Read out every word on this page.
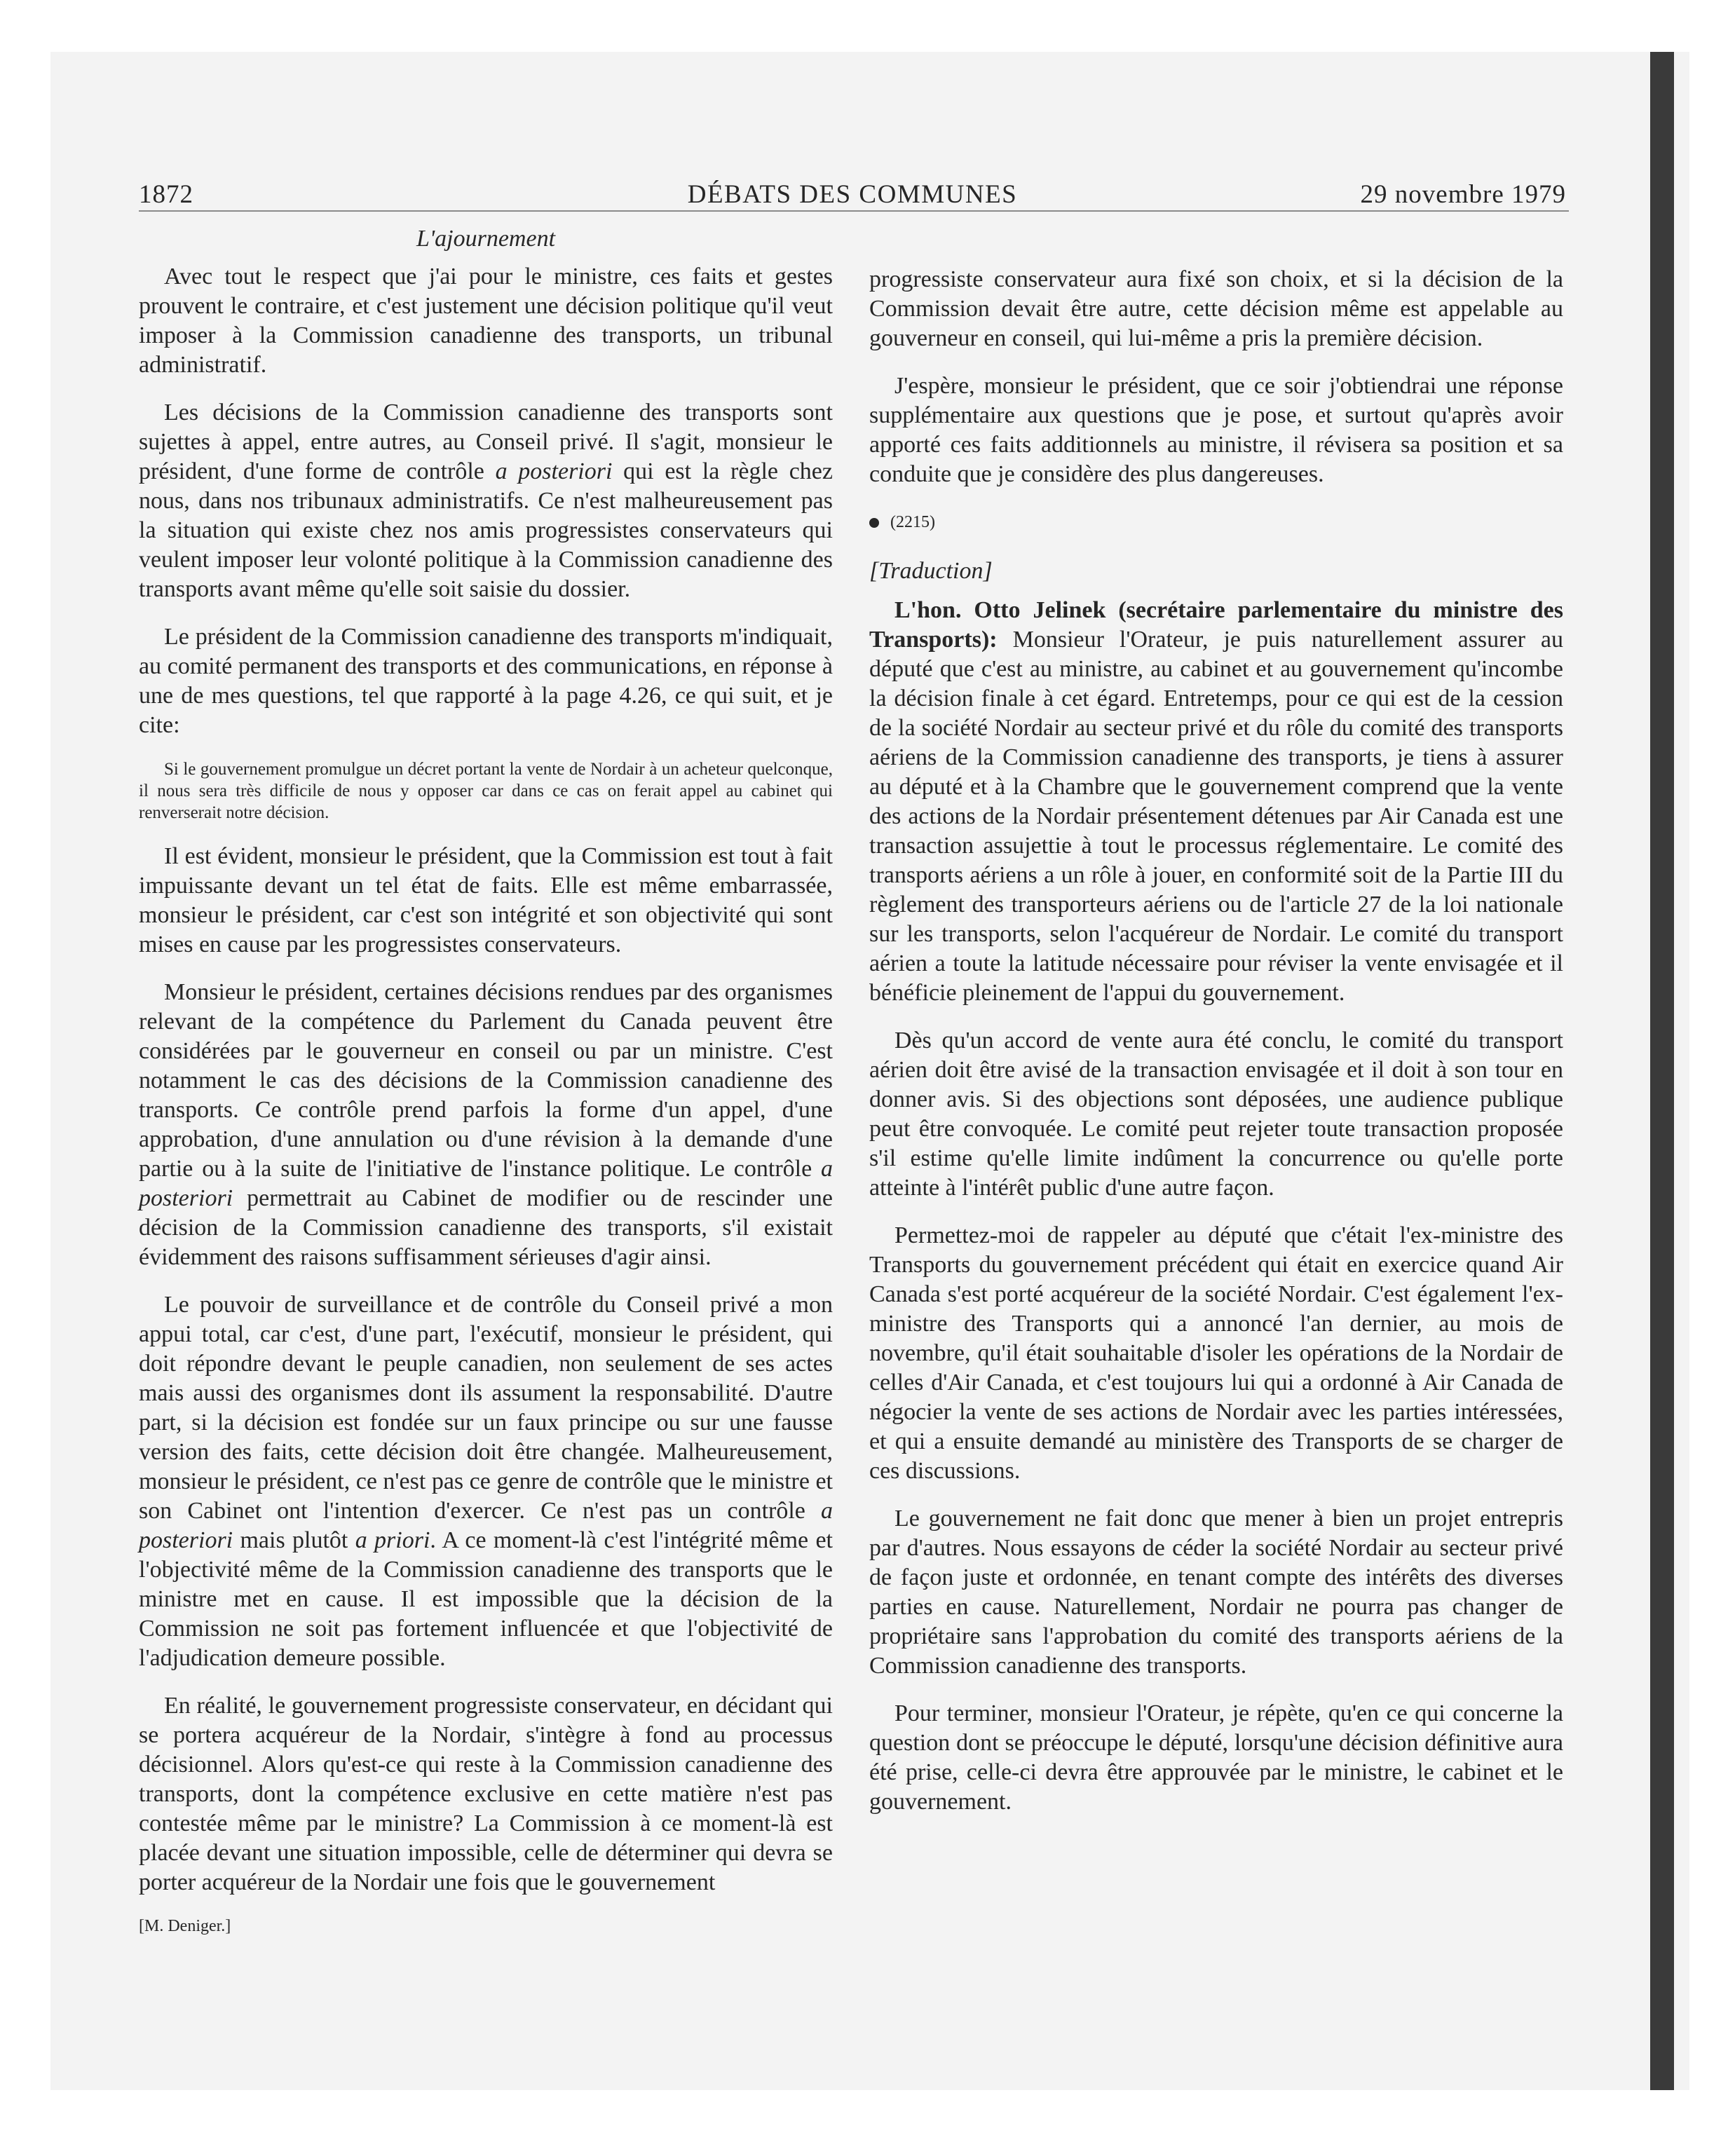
1872	DÉBATS DES COMMUNES	29 novembre 1979
L'ajournement

Avec tout le respect que j'ai pour le ministre, ces faits et gestes prouvent le contraire, et c'est justement une décision politique qu'il veut imposer à la Commission canadienne des transports, un tribunal administratif.

Les décisions de la Commission canadienne des transports sont sujettes à appel, entre autres, au Conseil privé. Il s'agit, monsieur le président, d'une forme de contrôle a posteriori qui est la règle chez nous, dans nos tribunaux administratifs. Ce n'est malheureusement pas la situation qui existe chez nos amis progressistes conservateurs qui veulent imposer leur volonté politique à la Commission canadienne des transports avant même qu'elle soit saisie du dossier.

Le président de la Commission canadienne des transports m'indiquait, au comité permanent des transports et des communications, en réponse à une de mes questions, tel que rapporté à la page 4.26, ce qui suit, et je cite:

Si le gouvernement promulgue un décret portant la vente de Nordair à un acheteur quelconque, il nous sera très difficile de nous y opposer car dans ce cas on ferait appel au cabinet qui renverserait notre décision.

Il est évident, monsieur le président, que la Commission est tout à fait impuissante devant un tel état de faits. Elle est même embarrassée, monsieur le président, car c'est son intégrité et son objectivité qui sont mises en cause par les progressistes conservateurs.

Monsieur le président, certaines décisions rendues par des organismes relevant de la compétence du Parlement du Canada peuvent être considérées par le gouverneur en conseil ou par un ministre. C'est notamment le cas des décisions de la Commission canadienne des transports. Ce contrôle prend parfois la forme d'un appel, d'une approbation, d'une annulation ou d'une révision à la demande d'une partie ou à la suite de l'initiative de l'instance politique. Le contrôle a posteriori permettrait au Cabinet de modifier ou de rescinder une décision de la Commission canadienne des transports, s'il existait évidemment des raisons suffisamment sérieuses d'agir ainsi.

Le pouvoir de surveillance et de contrôle du Conseil privé a mon appui total, car c'est, d'une part, l'exécutif, monsieur le président, qui doit répondre devant le peuple canadien, non seulement de ses actes mais aussi des organismes dont ils assument la responsabilité. D'autre part, si la décision est fondée sur un faux principe ou sur une fausse version des faits, cette décision doit être changée. Malheureusement, monsieur le président, ce n'est pas ce genre de contrôle que le ministre et son Cabinet ont l'intention d'exercer. Ce n'est pas un contrôle a posteriori mais plutôt a priori. A ce moment-là c'est l'intégrité même et l'objectivité même de la Commission canadienne des transports que le ministre met en cause. Il est impossible que la décision de la Commission ne soit pas fortement influencée et que l'objectivité de l'adjudication demeure possible.

En réalité, le gouvernement progressiste conservateur, en décidant qui se portera acquéreur de la Nordair, s'intègre à fond au processus décisionnel. Alors qu'est-ce qui reste à la Commission canadienne des transports, dont la compétence exclusive en cette matière n'est pas contestée même par le ministre? La Commission à ce moment-là est placée devant une situation impossible, celle de déterminer qui devra se porter acquéreur de la Nordair une fois que le gouvernement

[M. Deniger.]

progressiste conservateur aura fixé son choix, et si la décision de la Commission devait être autre, cette décision même est appelable au gouverneur en conseil, qui lui-même a pris la première décision.

J'espère, monsieur le président, que ce soir j'obtiendrai une réponse supplémentaire aux questions que je pose, et surtout qu'après avoir apporté ces faits additionnels au ministre, il révisera sa position et sa conduite que je considère des plus dangereuses.

(2215)
[Traduction]

L'hon. Otto Jelinek (secrétaire parlementaire du ministre des Transports): Monsieur l'Orateur, je puis naturellement assurer au député que c'est au ministre, au cabinet et au gouvernement qu'incombe la décision finale à cet égard. Entretemps, pour ce qui est de la cession de la société Nordair au secteur privé et du rôle du comité des transports aériens de la Commission canadienne des transports, je tiens à assurer au député et à la Chambre que le gouvernement comprend que la vente des actions de la Nordair présentement détenues par Air Canada est une transaction assujettie à tout le processus réglementaire. Le comité des transports aériens a un rôle à jouer, en conformité soit de la Partie III du règlement des transporteurs aériens ou de l'article 27 de la loi nationale sur les transports, selon l'acquéreur de Nordair. Le comité du transport aérien a toute la latitude nécessaire pour réviser la vente envisagée et il bénéficie pleinement de l'appui du gouvernement.

Dès qu'un accord de vente aura été conclu, le comité du transport aérien doit être avisé de la transaction envisagée et il doit à son tour en donner avis. Si des objections sont déposées, une audience publique peut être convoquée. Le comité peut rejeter toute transaction proposée s'il estime qu'elle limite indûment la concurrence ou qu'elle porte atteinte à l'intérêt public d'une autre façon.

Permettez-moi de rappeler au député que c'était l'ex-ministre des Transports du gouvernement précédent qui était en exercice quand Air Canada s'est porté acquéreur de la société Nordair. C'est également l'ex-ministre des Transports qui a annoncé l'an dernier, au mois de novembre, qu'il était souhaitable d'isoler les opérations de la Nordair de celles d'Air Canada, et c'est toujours lui qui a ordonné à Air Canada de négocier la vente de ses actions de Nordair avec les parties intéressées, et qui a ensuite demandé au ministère des Transports de se charger de ces discussions.

Le gouvernement ne fait donc que mener à bien un projet entrepris par d'autres. Nous essayons de céder la société Nordair au secteur privé de façon juste et ordonnée, en tenant compte des intérêts des diverses parties en cause. Naturellement, Nordair ne pourra pas changer de propriétaire sans l'approbation du comité des transports aériens de la Commission canadienne des transports.

Pour terminer, monsieur l'Orateur, je répète, qu'en ce qui concerne la question dont se préoccupe le député, lorsqu'une décision définitive aura été prise, celle-ci devra être approuvée par le ministre, le cabinet et le gouvernement.
